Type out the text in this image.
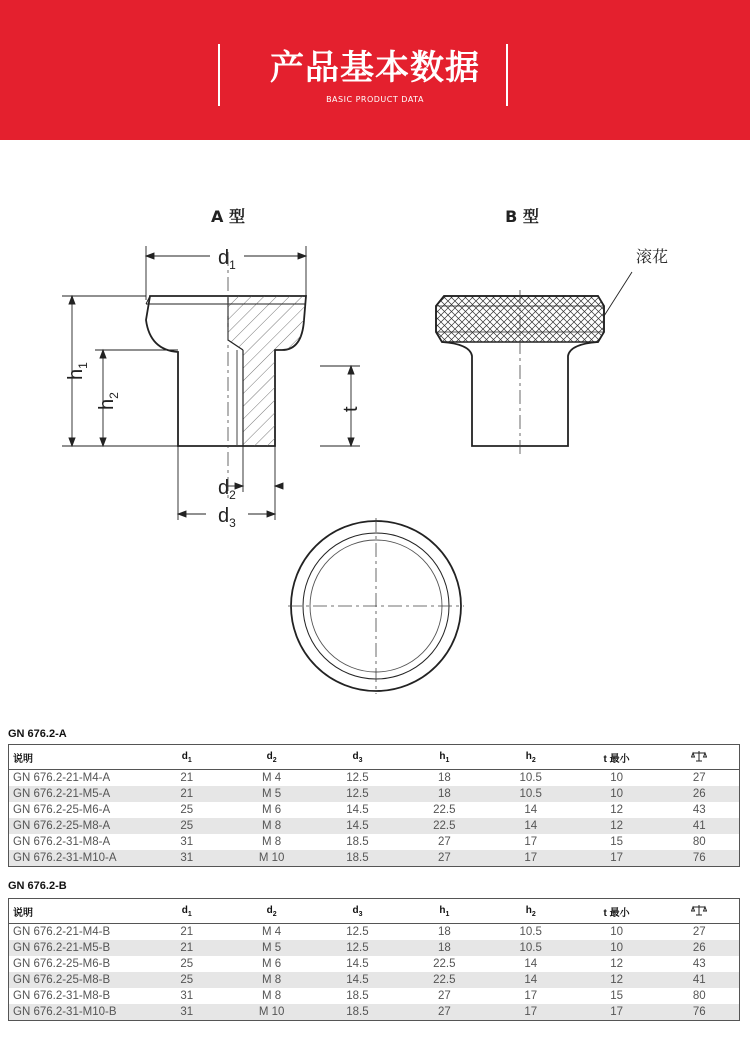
产品基本数据
BASIC PRODUCT DATA
A 型	B 型
$d_1$
$d_2$
$d_3$
$h_1$
$h_2$
t
滚花
GN 676.2-A
说明	$d_1$	$d_2$	$d_3$	$h_1$	$h_2$	t 最小	
GN 676.2-21-M4-A	21	M 4	12.5	18	10.5	10	27
GN 676.2-21-M5-A	21	M 5	12.5	18	10.5	10	26
GN 676.2-25-M6-A	25	M 6	14.5	22.5	14	12	43
GN 676.2-25-M8-A	25	M 8	14.5	22.5	14	12	41
GN 676.2-31-M8-A	31	M 8	18.5	27	17	15	80
GN 676.2-31-M10-A	31	M 10	18.5	27	17	17	76
GN 676.2-B
说明	$d_1$	$d_2$	$d_3$	$h_1$	$h_2$	t 最小	
GN 676.2-21-M4-B	21	M 4	12.5	18	10.5	10	27
GN 676.2-21-M5-B	21	M 5	12.5	18	10.5	10	26
GN 676.2-25-M6-B	25	M 6	14.5	22.5	14	12	43
GN 676.2-25-M8-B	25	M 8	14.5	22.5	14	12	41
GN 676.2-31-M8-B	31	M 8	18.5	27	17	15	80
GN 676.2-31-M10-B	31	M 10	18.5	27	17	17	76
